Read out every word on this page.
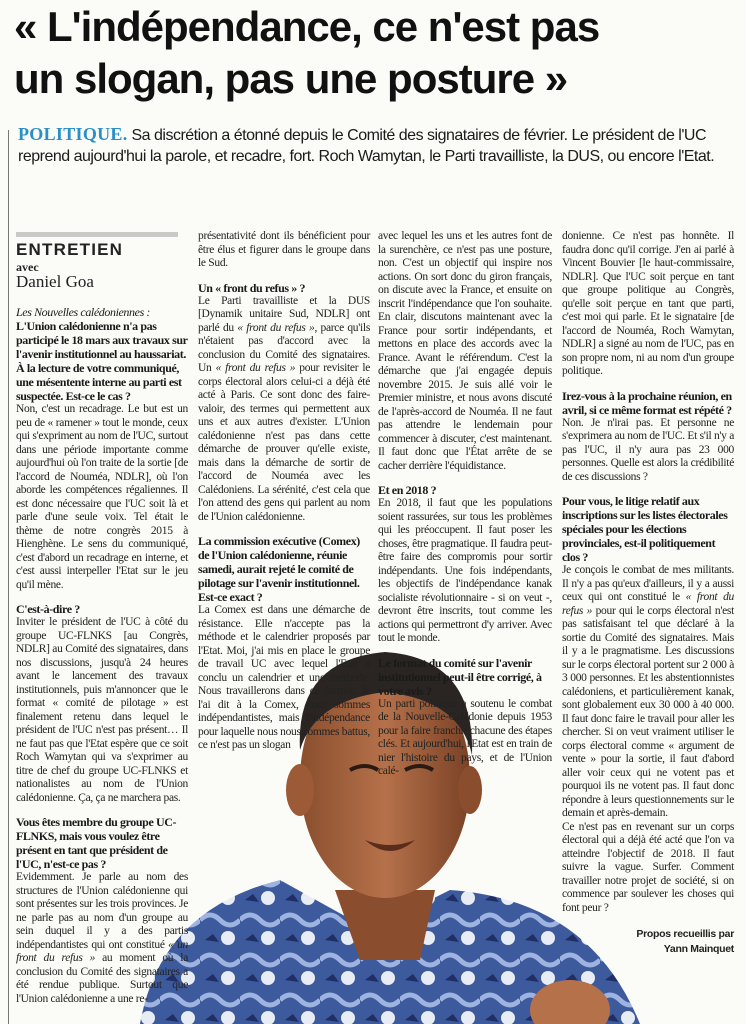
« L'indépendance, ce n'est pas
un slogan, pas une posture »
POLITIQUE. Sa discrétion a étonné depuis le Comité des signataires de février. Le président de l'UC reprend aujourd'hui la parole, et recadre, fort. Roch Wamytan, le Parti travailliste, la DUS, ou encore l'Etat.
ENTRETIEN
avec
Daniel Goa

Les Nouvelles calédoniennes : L'Union calédonienne n'a pas participé le 18 mars aux travaux sur l'avenir institutionnel au haussariat. À la lecture de votre communiqué, une mésentente interne au parti est suspectée. Est-ce le cas ?

Non, c'est un recadrage. Le but est un peu de « ramener » tout le monde, ceux qui s'expriment au nom de l'UC, surtout dans une période importante comme aujourd'hui où l'on traite de la sortie [de l'accord de Nouméa, NDLR], où l'on aborde les compétences régaliennes. Il est donc nécessaire que l'UC soit là et parle d'une seule voix. Tel était le thème de notre congrès 2015 à Hienghène. Le sens du communiqué, c'est d'abord un recadrage en interne, et c'est aussi interpeller l'Etat sur le jeu qu'il mène.

C'est-à-dire ?

Inviter le président de l'UC à côté du groupe UC-FLNKS [au Congrès, NDLR] au Comité des signataires, dans nos discussions, jusqu'à 24 heures avant le lancement des travaux institutionnels, puis m'annoncer que le format « comité de pilotage » est finalement retenu dans lequel le président de l'UC n'est pas présent… Il ne faut pas que l'Etat espère que ce soit Roch Wamytan qui va s'exprimer au titre de chef du groupe UC-FLNKS et nationalistes au nom de l'Union calédonienne. Ça, ça ne marchera pas.

Vous êtes membre du groupe UC-FLNKS, mais vous voulez être présent en tant que président de l'UC, n'est-ce pas ?

Evidemment. Je parle au nom des structures de l'Union calédonienne qui sont présentes sur les trois provinces. Je ne parle pas au nom d'un groupe au sein duquel il y a des partis indépendantistes qui ont constitué « un front du refus » au moment où la conclusion du Comité des signataires a été rendue publique. Surtout que l'Union calédonienne a une re-

présentativité dont ils bénéficient pour être élus et figurer dans le groupe dans le Sud.

Un « front du refus » ?

Le Parti travailliste et la DUS [Dynamik unitaire Sud, NDLR] ont parlé du « front du refus », parce qu'ils n'étaient pas d'accord avec la conclusion du Comité des signataires. Un « front du refus » pour revisiter le corps électoral alors celui-ci a déjà été acté à Paris. Ce sont donc des faire-valoir, des termes qui permettent aux uns et aux autres d'exister. L'Union calédonienne n'est pas dans cette démarche de prouver qu'elle existe, mais dans la démarche de sortir de l'accord de Nouméa avec les Calédoniens. La sérénité, c'est cela que l'on attend des gens qui parlent au nom de l'Union calédonienne.

La commission exécutive (Comex) de l'Union calédonienne, réunie samedi, aurait rejeté le comité de pilotage sur l'avenir institutionnel. Est-ce exact ?

La Comex est dans une démarche de résistance. Elle n'accepte pas la méthode et le calendrier proposés par l'Etat. Moi, j'ai mis en place le groupe de travail UC avec lequel l'Etat a conclu un calendrier et une méthode. Nous travaillerons dans ce format. Je l'ai dit à la Comex, nous sommes indépendantistes, mais l'indépendance pour laquelle nous nous sommes battus, ce n'est pas un slogan

avec lequel les uns et les autres font de la surenchère, ce n'est pas une posture, non. C'est un objectif qui inspire nos actions. On sort donc du giron français, on discute avec la France, et ensuite on inscrit l'indépendance que l'on souhaite. En clair, discutons maintenant avec la France pour sortir indépendants, et mettons en place des accords avec la France. Avant le référendum. C'est la démarche que j'ai engagée depuis novembre 2015. Je suis allé voir le Premier ministre, et nous avons discuté de l'après-accord de Nouméa. Il ne faut pas attendre le lendemain pour commencer à discuter, c'est maintenant. Il faut donc que l'État arrête de se cacher derrière l'équidistance.

Et en 2018 ?

En 2018, il faut que les populations soient rassurées, sur tous les problèmes qui les préoccupent. Il faut poser les choses, être pragmatique. Il faudra peut-être faire des compromis pour sortir indépendants. Une fois indépendants, les objectifs de l'indépendance kanak socialiste révolutionnaire - si on veut -, devront être inscrits, tout comme les actions qui permettront d'y arriver. Avec tout le monde.

Le format du comité sur l'avenir institutionnel peut-il être corrigé, à votre avis ?

Un parti politique a soutenu le combat de la Nouvelle-Calédonie depuis 1953 pour la faire franchir chacune des étapes clés. Et aujourd'hui, l'Etat est en train de nier l'histoire du pays, et de l'Union calé-

donienne. Ce n'est pas honnête. Il faudra donc qu'il corrige. J'en ai parlé à Vincent Bouvier [le haut-commissaire, NDLR]. Que l'UC soit perçue en tant que groupe politique au Congrès, qu'elle soit perçue en tant que parti, c'est moi qui parle. Et le signataire [de l'accord de Nouméa, Roch Wamytan, NDLR] a signé au nom de l'UC, pas en son propre nom, ni au nom d'un groupe politique.

Irez-vous à la prochaine réunion, en avril, si ce même format est répété ?

Non. Je n'irai pas. Et personne ne s'exprimera au nom de l'UC. Et s'il n'y a pas l'UC, il n'y aura pas 23 000 personnes. Quelle est alors la crédibilité de ces discussions ?

Pour vous, le litige relatif aux inscriptions sur les listes électorales spéciales pour les élections provinciales, est-il politiquement clos ?

Je conçois le combat de mes militants. Il n'y a pas qu'eux d'ailleurs, il y a aussi ceux qui ont constitué le « front du refus » pour qui le corps électoral n'est pas satisfaisant tel que déclaré à la sortie du Comité des signataires. Mais il y a le pragmatisme. Les discussions sur le corps électoral portent sur 2 000 à 3 000 personnes. Et les abstentionnistes calédoniens, et particulièrement kanak, sont globalement eux 30 000 à 40 000. Il faut donc faire le travail pour aller les chercher. Si on veut vraiment utiliser le corps électoral comme « argument de vente » pour la sortie, il faut d'abord aller voir ceux qui ne votent pas et pourquoi ils ne votent pas. Il faut donc répondre à leurs questionnements sur le demain et après-demain.

Ce n'est pas en revenant sur un corps électoral qui a déjà été acté que l'on va atteindre l'objectif de 2018. Il faut suivre la vague. Surfer. Comment travailler notre projet de société, si on commence par soulever les choses qui font peur ?

Propos recueillis par
Yann Mainquet
